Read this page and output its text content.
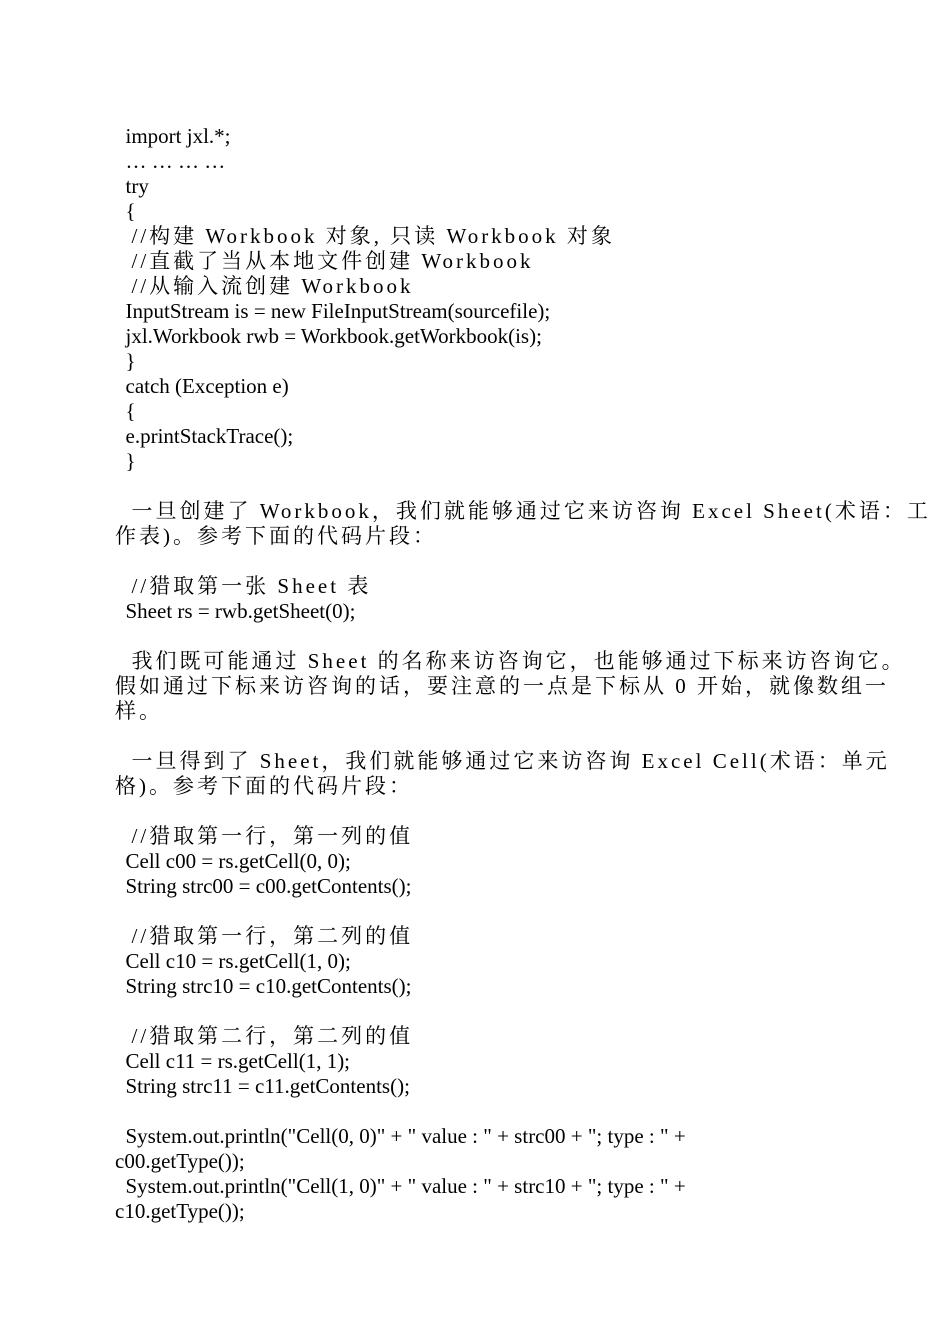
import jxl.*;
… … … …
try
{
//构建 Workbook 对象, 只读 Workbook 对象
//直截了当从本地文件创建 Workbook
//从输入流创建 Workbook
InputStream is = new FileInputStream(sourcefile);
jxl.Workbook rwb = Workbook.getWorkbook(is);
}
catch (Exception e)
{
e.printStackTrace();
}
一旦创建了 Workbook，我们就能够通过它来访咨询 Excel Sheet(术语：工
作表)。参考下面的代码片段：
//猎取第一张 Sheet 表
Sheet rs = rwb.getSheet(0);
我们既可能通过 Sheet 的名称来访咨询它，也能够通过下标来访咨询它。
假如通过下标来访咨询的话，要注意的一点是下标从 0 开始，就像数组一
样。
一旦得到了 Sheet，我们就能够通过它来访咨询 Excel Cell(术语：单元
格)。参考下面的代码片段：
//猎取第一行，第一列的值
Cell c00 = rs.getCell(0, 0);
String strc00 = c00.getContents();
//猎取第一行，第二列的值
Cell c10 = rs.getCell(1, 0);
String strc10 = c10.getContents();
//猎取第二行，第二列的值
Cell c11 = rs.getCell(1, 1);
String strc11 = c11.getContents();
System.out.println("Cell(0, 0)" + " value : " + strc00 + "; type : " +
c00.getType());
System.out.println("Cell(1, 0)" + " value : " + strc10 + "; type : " +
c10.getType());
